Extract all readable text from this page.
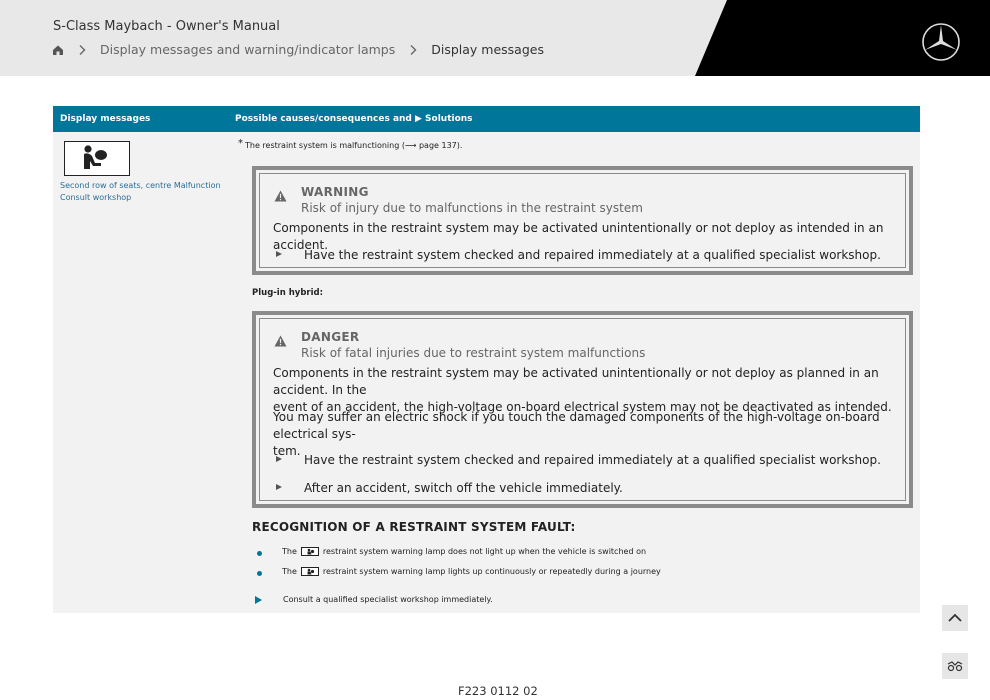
S-Class Maybach - Owner's Manual
Display messages and warning/indicator lamps	Display messages
Display messages	Possible causes/consequences and ▶ Solutions
Second row of seats, centre Malfunction
Consult workshop
* The restraint system is malfunctioning (⟶ page 137).
WARNING
Risk of injury due to malfunctions in the restraint system
Components in the restraint system may be activated unintentionally or not deploy as intended in an accident.
Have the restraint system checked and repaired immediately at a qualified specialist workshop.
Plug-in hybrid:
DANGER
Risk of fatal injuries due to restraint system malfunctions
Components in the restraint system may be activated unintentionally or not deploy as planned in an accident. In the
event of an accident, the high-voltage on-board electrical system may not be deactivated as intended.
You may suffer an electric shock if you touch the damaged components of the high-voltage on-board electrical sys-
tem.
Have the restraint system checked and repaired immediately at a qualified specialist workshop.
After an accident, switch off the vehicle immediately.
RECOGNITION OF A RESTRAINT SYSTEM FAULT:
The	restraint system warning lamp does not light up when the vehicle is switched on
The	restraint system warning lamp lights up continuously or repeatedly during a journey
Consult a qualified specialist workshop immediately.
F223 0112 02
